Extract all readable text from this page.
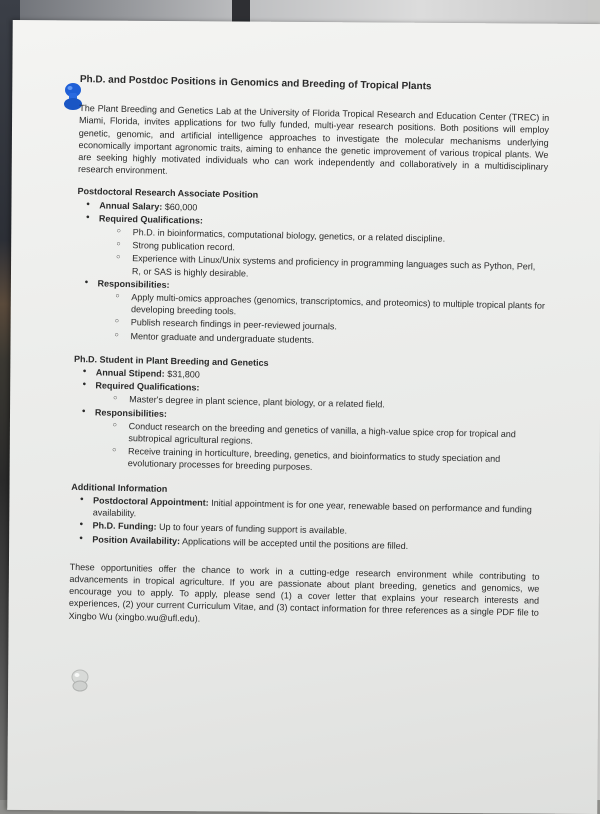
Ph.D. and Postdoc Positions in Genomics and Breeding of Tropical Plants
The Plant Breeding and Genetics Lab at the University of Florida Tropical Research and Education Center (TREC) in Miami, Florida, invites applications for two fully funded, multi-year research positions. Both positions will employ genetic, genomic, and artificial intelligence approaches to investigate the molecular mechanisms underlying economically important agronomic traits, aiming to enhance the genetic improvement of various tropical plants. We are seeking highly motivated individuals who can work independently and collaboratively in a multidisciplinary research environment.
Postdoctoral Research Associate Position
• Annual Salary: $60,000
• Required Qualifications:
○ Ph.D. in bioinformatics, computational biology, genetics, or a related discipline.
○ Strong publication record.
○ Experience with Linux/Unix systems and proficiency in programming languages such as Python, Perl, R, or SAS is highly desirable.
• Responsibilities:
○ Apply multi-omics approaches (genomics, transcriptomics, and proteomics) to multiple tropical plants for developing breeding tools.
○ Publish research findings in peer-reviewed journals.
○ Mentor graduate and undergraduate students.
Ph.D. Student in Plant Breeding and Genetics
• Annual Stipend: $31,800
• Required Qualifications:
○ Master's degree in plant science, plant biology, or a related field.
• Responsibilities:
○ Conduct research on the breeding and genetics of vanilla, a high-value spice crop for tropical and subtropical agricultural regions.
○ Receive training in horticulture, breeding, genetics, and bioinformatics to study speciation and evolutionary processes for breeding purposes.
Additional Information
• Postdoctoral Appointment: Initial appointment is for one year, renewable based on performance and funding availability.
• Ph.D. Funding: Up to four years of funding support is available.
• Position Availability: Applications will be accepted until the positions are filled.
These opportunities offer the chance to work in a cutting-edge research environment while contributing to advancements in tropical agriculture. If you are passionate about plant breeding, genetics and genomics, we encourage you to apply. To apply, please send (1) a cover letter that explains your research interests and experiences, (2) your current Curriculum Vitae, and (3) contact information for three references as a single PDF file to Xingbo Wu (xingbo.wu@ufl.edu).
